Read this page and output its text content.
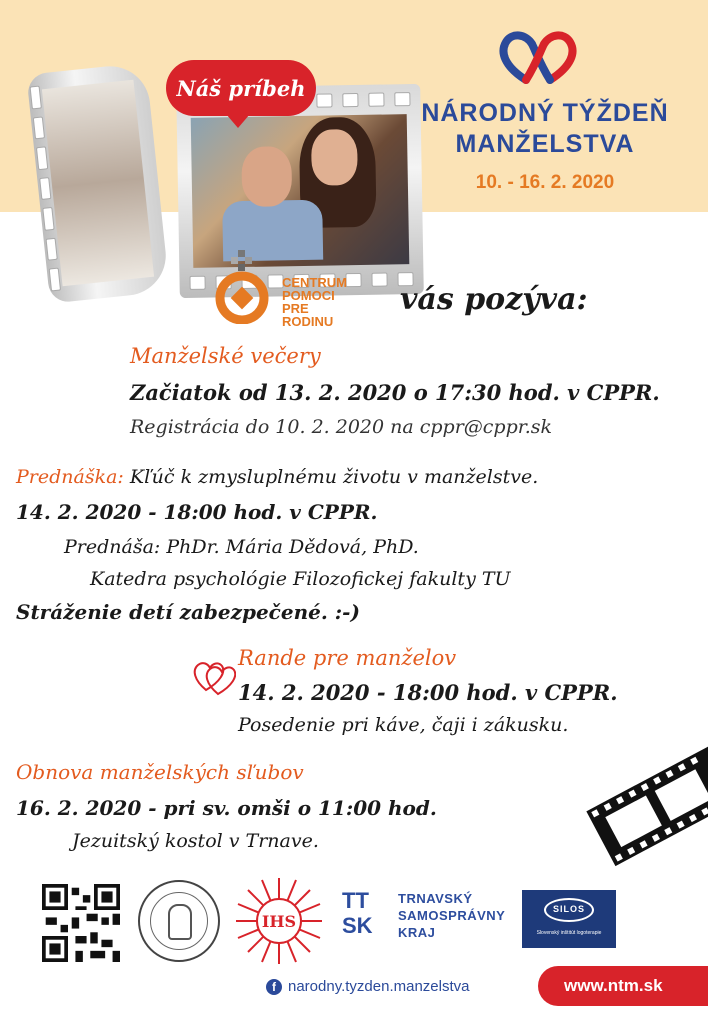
Náš príbeh
NÁRODNÝ TÝŽDEŇ
MANŽELSTVA
10. - 16. 2. 2020
CENTRUM
POMOCI
PRE
RODINU
vás pozýva:
Manželské večery
Začiatok od 13. 2. 2020 o 17:30 hod. v CPPR.
Registrácia do 10. 2. 2020 na cppr@cppr.sk
Prednáška: Kľúč k zmysluplnému životu v manželstve.
14. 2. 2020 - 18:00 hod. v CPPR.
Prednáša: PhDr. Mária Dědová, PhD.
Katedra psychológie Filozofickej fakulty TU
Stráženie detí zabezpečené. :-)
Rande pre manželov
14. 2. 2020 - 18:00 hod. v CPPR.
Posedenie pri káve, čaji i zákusku.
Obnova manželských sľubov
16. 2. 2020 - pri sv. omši o 11:00 hod.
Jezuitský kostol v Trnave.
IHS
TT
SK
TRNAVSKÝ
SAMOSPRÁVNY
KRAJ
SILOS
Slovenský inštitút logoterapie
f narodny.tyzden.manzelstva	www.ntm.sk
